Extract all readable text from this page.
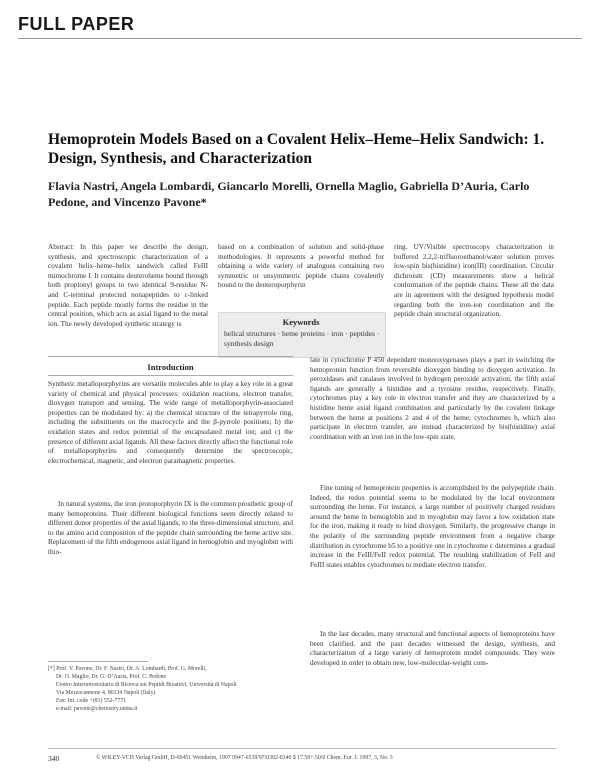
FULL PAPER
Hemoprotein Models Based on a Covalent Helix–Heme–Helix Sandwich: 1. Design, Synthesis, and Characterization
Flavia Nastri, Angela Lombardi, Giancarlo Morelli, Ornella Maglio, Gabriella D’Auria, Carlo Pedone, and Vincenzo Pavone*
Abstract: In this paper we describe the design, synthesis, and spectroscopic characterization of a covalent helix–heme–helix sandwich called FeIII mimochrome I. It contains deuteroheme bound through both propionyl groups to two identical 9-residue N- and C-terminal protected nonapeptides to ε-linked peptide. Each peptide mostly forms the residue in the central position, which acts as axial ligand to the metal ion. The newly developed synthetic strategy is
based on a combination of solution and solid-phase methodologies. It represents a powerful method for obtaining a wide variety of analogues containing two symmetric or unsymmetric peptide chains covalently bound to the deuteroporphyrin
ring. UV/Visible spectroscopy characterization in buffered 2,2,2-trifluoroethanol/water solution proves low-spin bis(histidine) iron(III) coordination. Circular dichroism (CD) measurements show a helical conformation of the peptide chains. These all the data are in agreement with the designed hypothesis model regarding both the iron-ion coordination and the peptide chain structural organization.
Keywords
helical structures · heme proteins · iron · peptides · synthesis design
Introduction
Synthetic metalloporphyrins are versatile molecules able to play a key role in a great variety of chemical and physical processes: oxidation reactions, electron transfer, dioxygen transport and sensing. The wide range of metalloporphyrin-associated properties can be modulated by: a) the chemical structure of the tetrapyrrole ring, including the substituents on the macrocycle and the β-pyrrole positions; b) the oxidation states and redox potential of the encapsulated metal ion; and c) the presence of different axial ligands. All these factors directly affect the functional role of metalloporphyrins and consequently determine the spectroscopic, electrochemical, magnetic, and electron paramagnetic properties.
In natural systems, the iron protoporphyrin IX is the common prosthetic group of many hemoproteins. Their different biological functions seem directly related to different donor properties of the axial ligands, to the three-dimensional structure, and to the amino acid composition of the peptide chain surrounding the heme active site. Replacement of the fifth endogenous axial ligand in hemoglobin and myoglobin with thio-
late in cytochrome P 450 dependent monooxygenases plays a part in switching the hemoprotein function from reversible dioxygen binding to dioxygen activation. In peroxidases and catalases involved in hydrogen peroxide activation, the fifth axial ligands are generally a histidine and a tyrosine residue, respectively. Finally, cytochromes play a key role in electron transfer and they are characterized by a histidine heme axial ligand combination and particularly by the covalent linkage between the heme at positions 2 and 4 of the heme; cytochromes b, which also participate in electron transfer, are instead characterized by bis(histidine) axial coordination with an iron ion in the low-spin state.
Fine tuning of hemoprotein properties is accomplished by the polypeptide chain. Indeed, the redox potential seems to be modulated by the local environment surrounding the heme. For instance, a large number of positively charged residues around the heme in hemoglobin and in myoglobin may favor a low oxidation state for the iron, making it ready to bind dioxygen. Similarly, the progressive change in the polarity of the surrounding peptide environment from a negative charge distribution in cytochrome b5 to a positive one in cytochrome c determines a gradual increase in the FeIII/FeII redox potential. The resulting stabilization of FeII and FeIII states enables cytochromes to mediate electron transfer.
In the last decades, many structural and functional aspects of hemoproteins have been clarified, and the past decades witnessed the design, synthesis, and characterization of a large variety of hemoprotein model compounds. They were developed in order to obtain new, low-molecular-weight com-
[*] Prof. V. Pavone, Dr. F. Nastri, Dr. A. Lombardi, Prof. G. Morelli,
Dr. O. Maglio, Dr. G. D’Auria, Prof. C. Pedone
Centro Interuniversitario di Ricerca sui Peptidi Bioattivi, Università di Napoli
Via Mezzocannone 4, 80134 Napoli (Italy)
Fax: Int. code +(81) 552-7771
e-mail: pavone@chemistry.unina.it
340	© WILEY-VCH Verlag GmbH, D-69451 Weinheim, 1997 0947-6539/97/0302-0340 $ 17.50+.50/0 Chem. Eur. J. 1997, 3, No. 3
